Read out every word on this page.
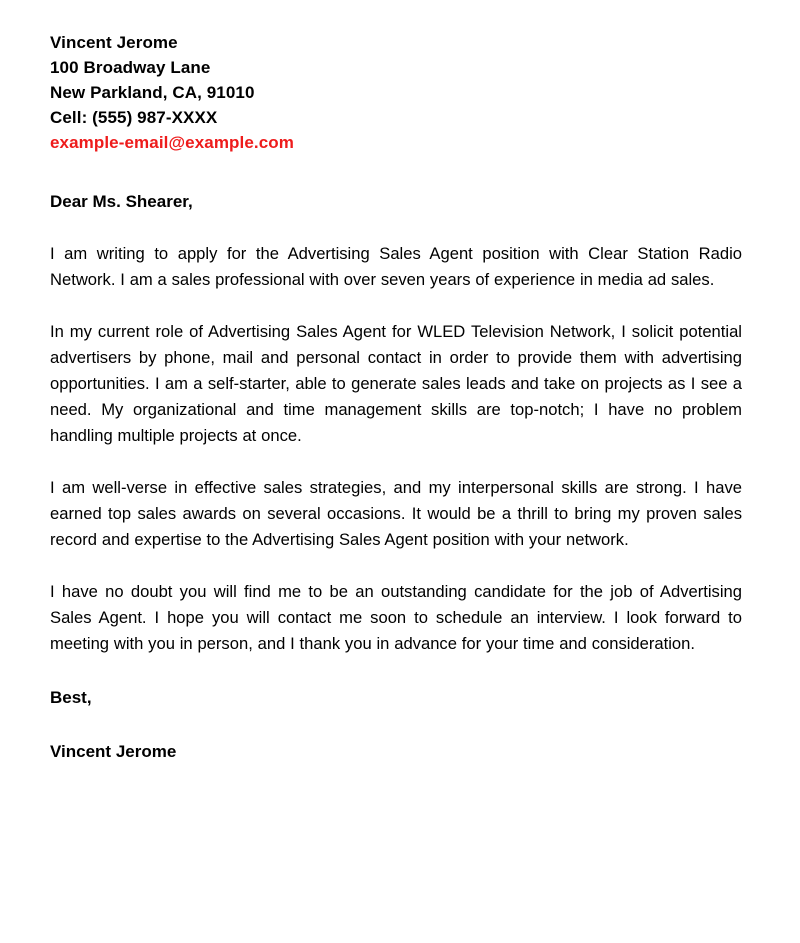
Vincent Jerome
100 Broadway Lane
New Parkland, CA, 91010
Cell: (555) 987-XXXX
example-email@example.com
Dear Ms. Shearer,

I am writing to apply for the Advertising Sales Agent position with Clear Station Radio Network. I am a sales professional with over seven years of experience in media ad sales.

In my current role of Advertising Sales Agent for WLED Television Network, I solicit potential advertisers by phone, mail and personal contact in order to provide them with advertising opportunities. I am a self-starter, able to generate sales leads and take on projects as I see a need. My organizational and time management skills are top-notch; I have no problem handling multiple projects at once.

I am well-verse in effective sales strategies, and my interpersonal skills are strong. I have earned top sales awards on several occasions. It would be a thrill to bring my proven sales record and expertise to the Advertising Sales Agent position with your network.

I have no doubt you will find me to be an outstanding candidate for the job of Advertising Sales Agent. I hope you will contact me soon to schedule an interview. I look forward to meeting with you in person, and I thank you in advance for your time and consideration.

Best,
Vincent Jerome
